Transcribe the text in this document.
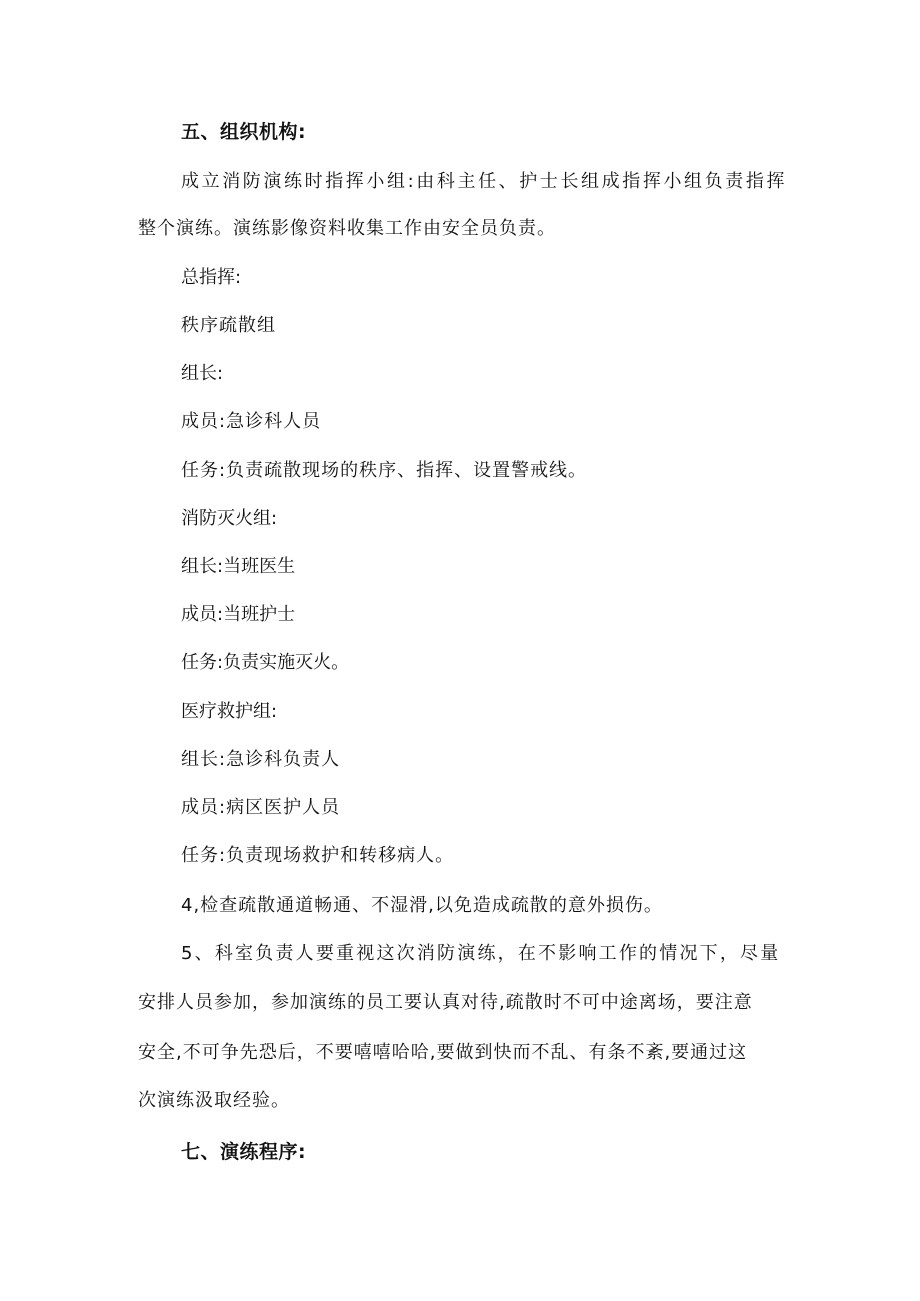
五、组织机构:
成立消防演练时指挥小组:由科主任、护士长组成指挥小组负责指挥
整个演练。演练影像资料收集工作由安全员负责。
总指挥:
秩序疏散组
组长:
成员:急诊科人员
任务:负责疏散现场的秩序、指挥、设置警戒线。
消防灭火组:
组长:当班医生
成员:当班护士
任务:负责实施灭火。
医疗救护组:
组长:急诊科负责人
成员:病区医护人员
任务:负责现场救护和转移病人。
4,检查疏散通道畅通、不湿滑,以免造成疏散的意外损伤。
5、科室负责人要重视这次消防演练，在不影响工作的情况下，尽量
安排人员参加，参加演练的员工要认真对待,疏散时不可中途离场，要注意
安全,不可争先恐后，不要嘻嘻哈哈,要做到快而不乱、有条不紊,要通过这
次演练汲取经验。
七、演练程序:
